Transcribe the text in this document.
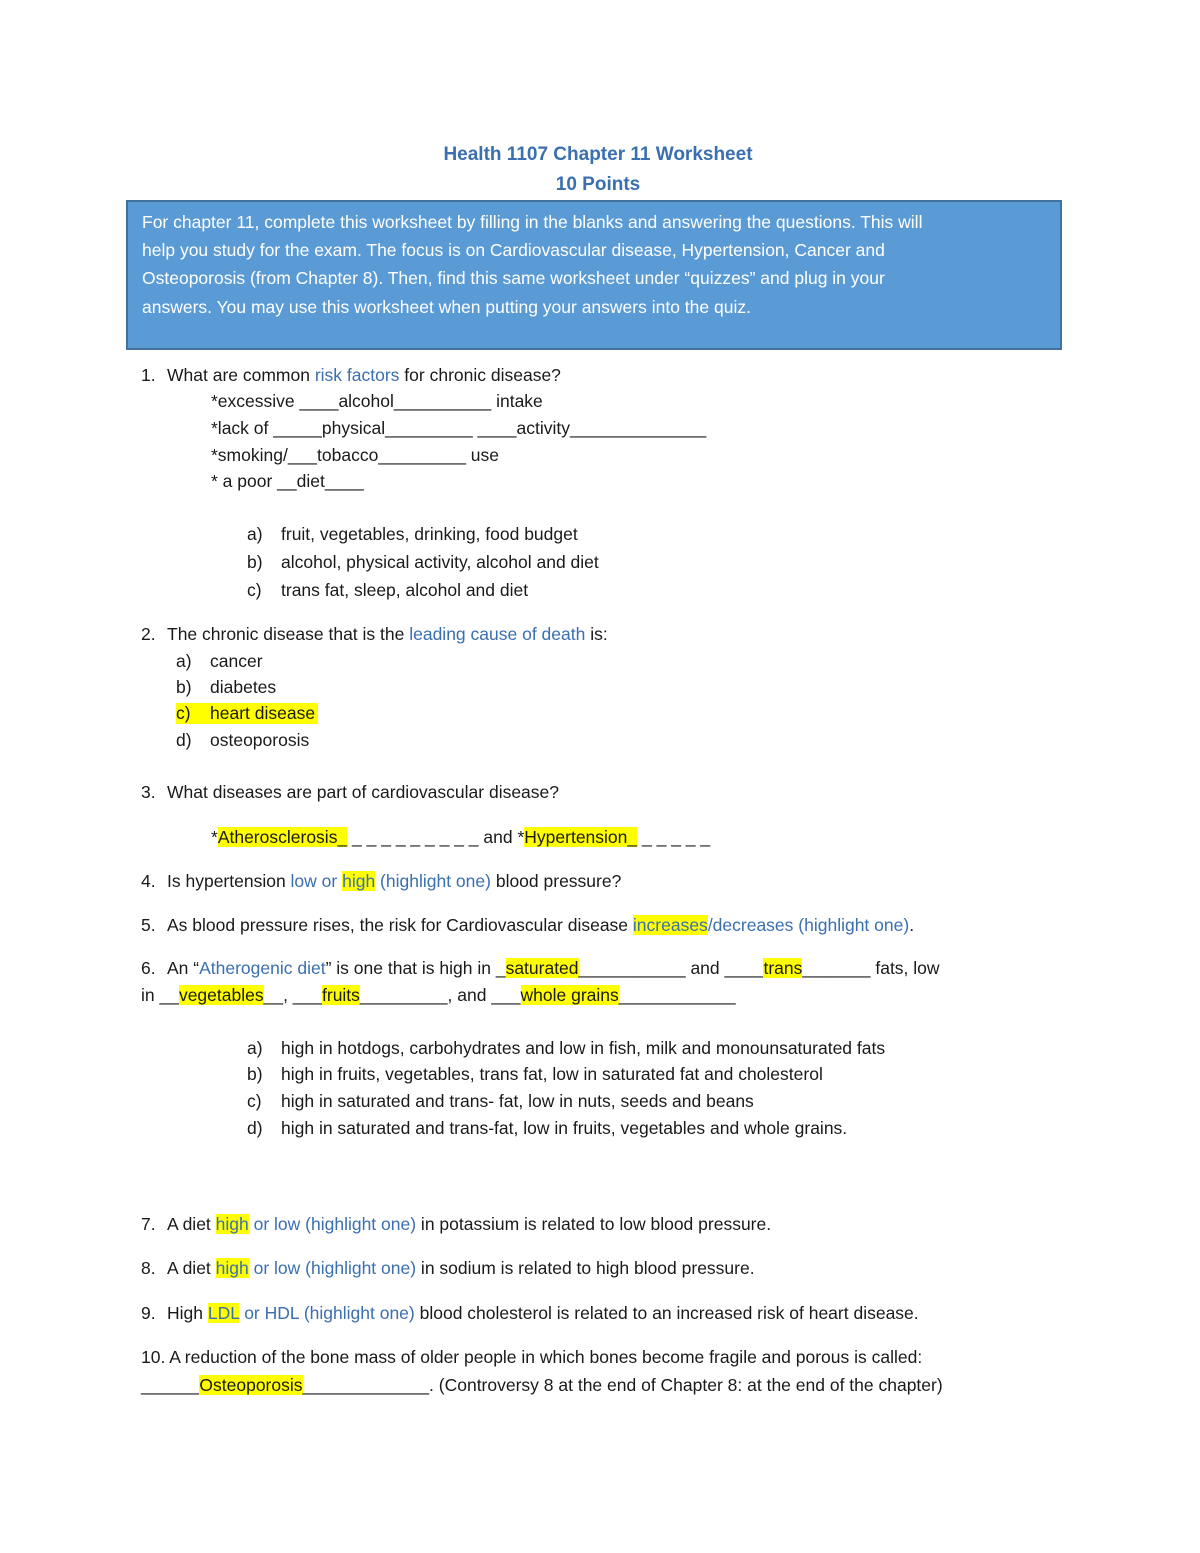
Health 1107 Chapter 11 Worksheet
10 Points

For chapter 11, complete this worksheet by filling in the blanks and answering the questions. This will

help you study for the exam. The focus is on Cardiovascular disease, Hypertension, Cancer and

Osteoporosis (from Chapter 8). Then, find this same worksheet under “quizzes” and plug in your

answers. You may use this worksheet when putting your answers into the quiz.

1. What are common risk factors for chronic disease?
*excessive ____alcohol__________ intake
*lack of _____physical_________ ____activity______________
*smoking/___tobacco_________ use
* a poor __diet____
a) fruit, vegetables, drinking, food budget
b) alcohol, physical activity, alcohol and diet
c) trans fat, sleep, alcohol and diet
2. The chronic disease that is the leading cause of death is:
a) cancer
b) diabetes
c) heart disease
d) osteoporosis
3. What diseases are part of cardiovascular disease?
*Atherosclerosis_ _ _ _ _ _ _ _ _ _ and *Hypertension_ _ _ _ _ _
4. Is hypertension low or high (highlight one) blood pressure?
5. As blood pressure rises, the risk for Cardiovascular disease increases/decreases (highlight one).
6. An “Atherogenic diet” is one that is high in _saturated___________ and ____trans_______ fats, low
in __vegetables__, ___fruits_________, and ___whole grains____________
a) high in hotdogs, carbohydrates and low in fish, milk and monounsaturated fats
b) high in fruits, vegetables, trans fat, low in saturated fat and cholesterol
c) high in saturated and trans- fat, low in nuts, seeds and beans
d) high in saturated and trans-fat, low in fruits, vegetables and whole grains.
7. A diet high or low (highlight one) in potassium is related to low blood pressure.
8. A diet high or low (highlight one) in sodium is related to high blood pressure.
9. High LDL or HDL (highlight one) blood cholesterol is related to an increased risk of heart disease.
10. A reduction of the bone mass of older people in which bones become fragile and porous is called:
______Osteoporosis_____________. (Controversy 8 at the end of Chapter 8: at the end of the chapter)
